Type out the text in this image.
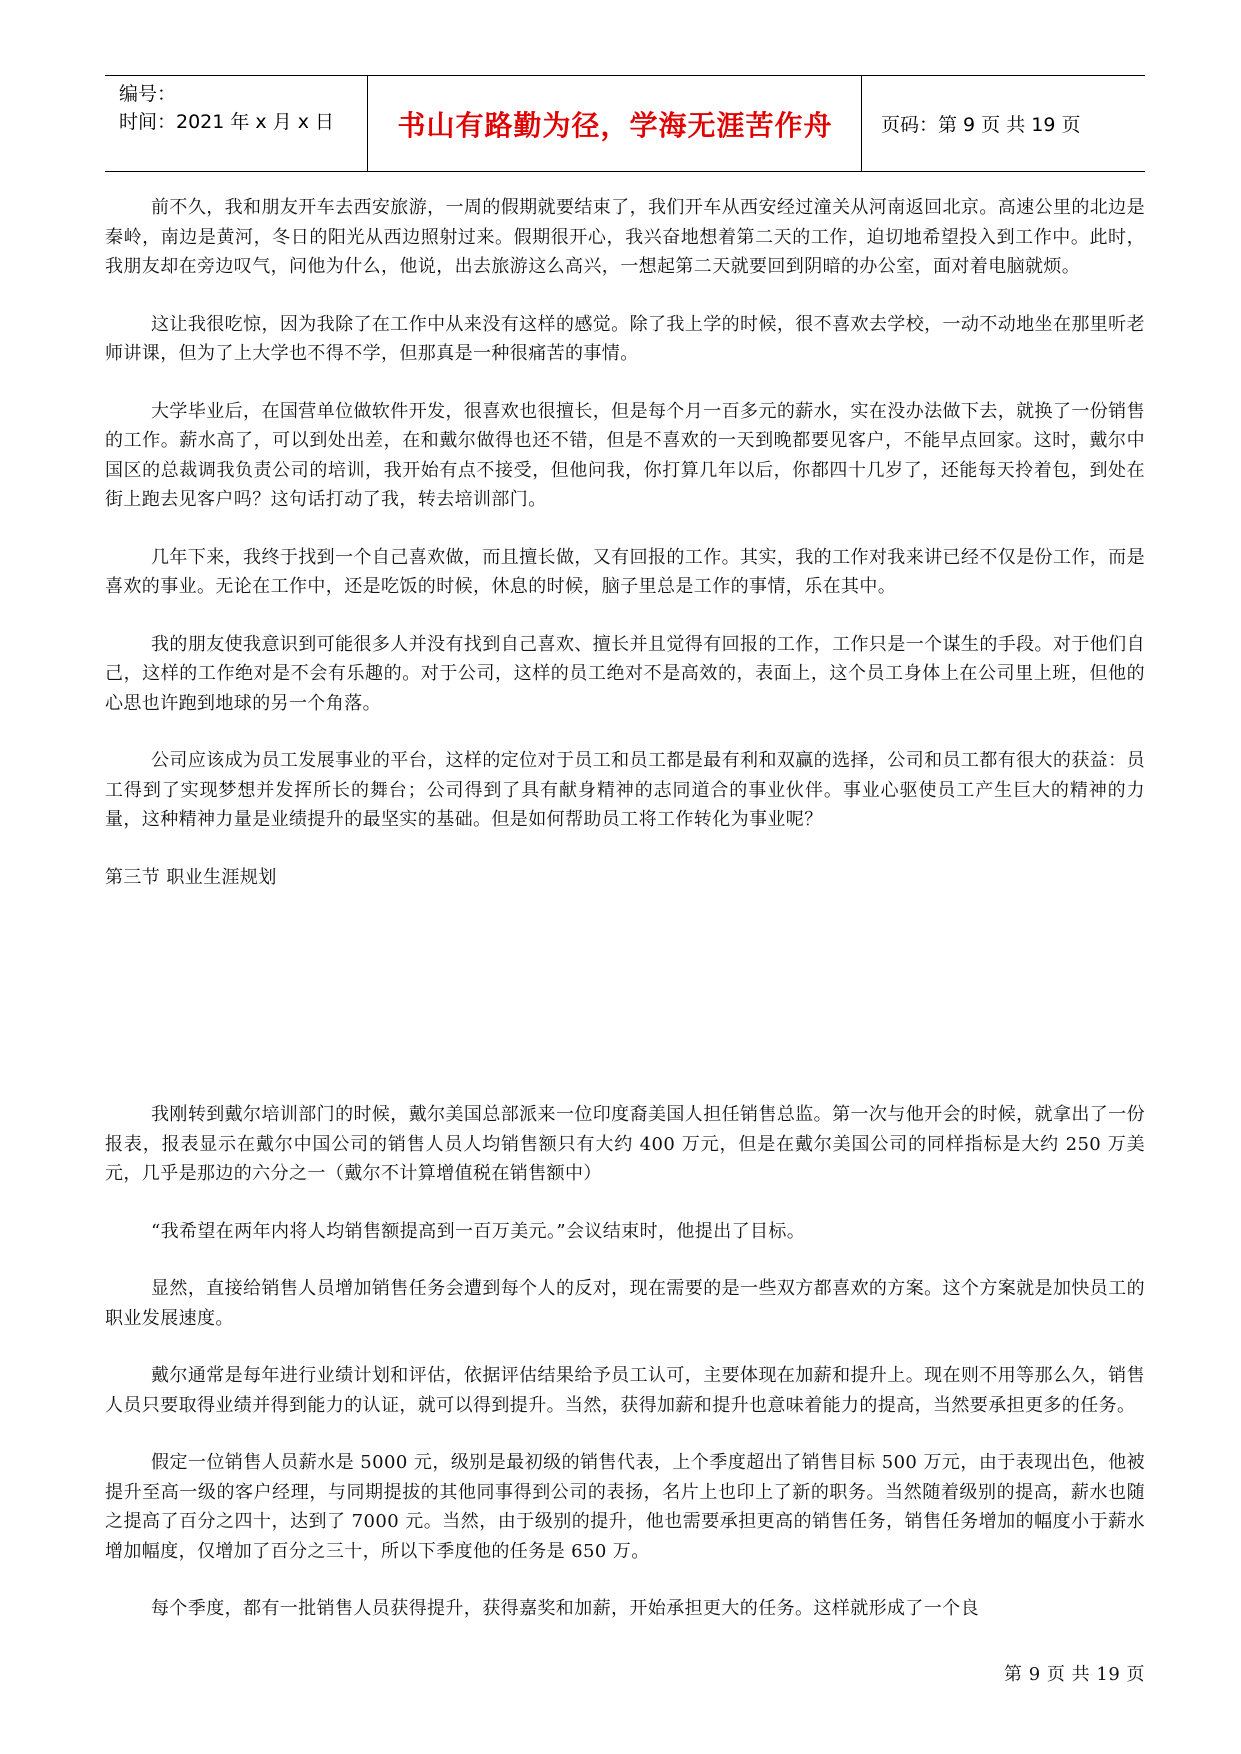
编号：
时间：2021 年 x 月 x 日	书山有路勤为径，学海无涯苦作舟	页码：第 9 页 共 19 页

前不久，我和朋友开车去西安旅游，一周的假期就要结束了，我们开车从西安经过潼关从河南返回北京。高速公里的北边是秦岭，南边是黄河，冬日的阳光从西边照射过来。假期很开心，我兴奋地想着第二天的工作，迫切地希望投入到工作中。此时，我朋友却在旁边叹气，问他为什么，他说，出去旅游这么高兴，一想起第二天就要回到阴暗的办公室，面对着电脑就烦。

这让我很吃惊，因为我除了在工作中从来没有这样的感觉。除了我上学的时候，很不喜欢去学校，一动不动地坐在那里听老师讲课，但为了上大学也不得不学，但那真是一种很痛苦的事情。

大学毕业后，在国营单位做软件开发，很喜欢也很擅长，但是每个月一百多元的薪水，实在没办法做下去，就换了一份销售的工作。薪水高了，可以到处出差，在和戴尔做得也还不错，但是不喜欢的一天到晚都要见客户，不能早点回家。这时，戴尔中国区的总裁调我负责公司的培训，我开始有点不接受，但他问我，你打算几年以后，你都四十几岁了，还能每天拎着包，到处在街上跑去见客户吗？这句话打动了我，转去培训部门。

几年下来，我终于找到一个自己喜欢做，而且擅长做，又有回报的工作。其实，我的工作对我来讲已经不仅是份工作，而是喜欢的事业。无论在工作中，还是吃饭的时候，休息的时候，脑子里总是工作的事情，乐在其中。

我的朋友使我意识到可能很多人并没有找到自己喜欢、擅长并且觉得有回报的工作，工作只是一个谋生的手段。对于他们自己，这样的工作绝对是不会有乐趣的。对于公司，这样的员工绝对不是高效的，表面上，这个员工身体上在公司里上班，但他的心思也许跑到地球的另一个角落。

公司应该成为员工发展事业的平台，这样的定位对于员工和员工都是最有利和双赢的选择，公司和员工都有很大的获益：员工得到了实现梦想并发挥所长的舞台；公司得到了具有献身精神的志同道合的事业伙伴。事业心驱使员工产生巨大的精神的力量，这种精神力量是业绩提升的最坚实的基础。但是如何帮助员工将工作转化为事业呢？

第三节 职业生涯规划

我刚转到戴尔培训部门的时候，戴尔美国总部派来一位印度裔美国人担任销售总监。第一次与他开会的时候，就拿出了一份报表，报表显示在戴尔中国公司的销售人员人均销售额只有大约 400 万元，但是在戴尔美国公司的同样指标是大约 250 万美元，几乎是那边的六分之一（戴尔不计算增值税在销售额中）

“我希望在两年内将人均销售额提高到一百万美元。”会议结束时，他提出了目标。

显然，直接给销售人员增加销售任务会遭到每个人的反对，现在需要的是一些双方都喜欢的方案。这个方案就是加快员工的职业发展速度。

戴尔通常是每年进行业绩计划和评估，依据评估结果给予员工认可，主要体现在加薪和提升上。现在则不用等那么久，销售人员只要取得业绩并得到能力的认证，就可以得到提升。当然，获得加薪和提升也意味着能力的提高，当然要承担更多的任务。

假定一位销售人员薪水是 5000 元，级别是最初级的销售代表，上个季度超出了销售目标 500 万元，由于表现出色，他被提升至高一级的客户经理，与同期提拔的其他同事得到公司的表扬，名片上也印上了新的职务。当然随着级别的提高，薪水也随之提高了百分之四十，达到了 7000 元。当然，由于级别的提升，他也需要承担更高的销售任务，销售任务增加的幅度小于薪水增加幅度，仅增加了百分之三十，所以下季度他的任务是 650 万。

每个季度，都有一批销售人员获得提升，获得嘉奖和加薪，开始承担更大的任务。这样就形成了一个良

第 9 页 共 19 页
